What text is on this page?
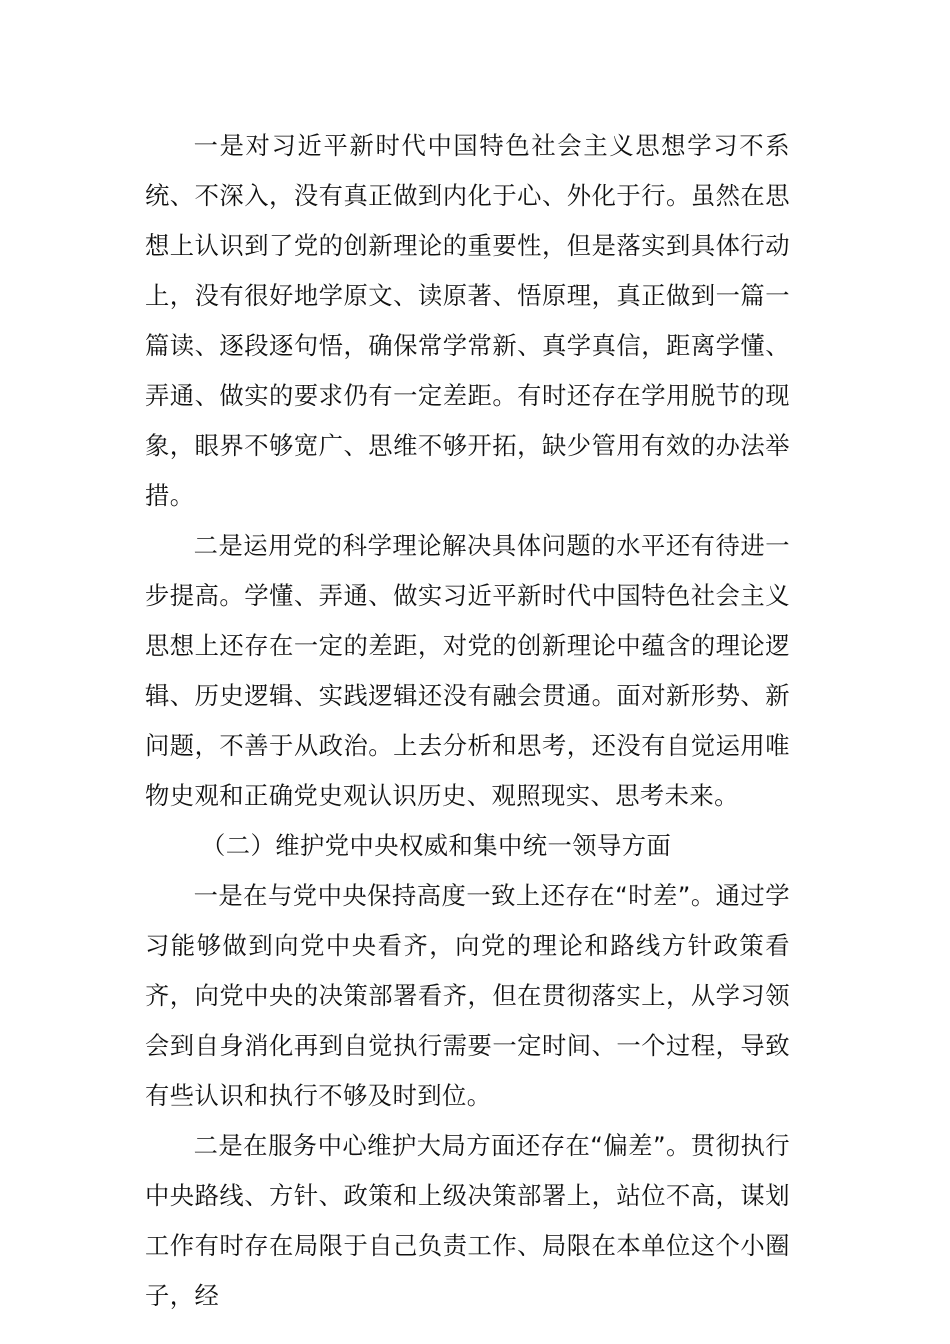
一是对习近平新时代中国特色社会主义思想学习不系统、不深入，没有真正做到内化于心、外化于行。虽然在思想上认识到了党的创新理论的重要性，但是落实到具体行动上，没有很好地学原文、读原著、悟原理，真正做到一篇一篇读、逐段逐句悟，确保常学常新、真学真信，距离学懂、弄通、做实的要求仍有一定差距。有时还存在学用脱节的现象，眼界不够宽广、思维不够开拓，缺少管用有效的办法举措。

二是运用党的科学理论解决具体问题的水平还有待进一步提高。学懂、弄通、做实习近平新时代中国特色社会主义思想上还存在一定的差距，对党的创新理论中蕴含的理论逻辑、历史逻辑、实践逻辑还没有融会贯通。面对新形势、新问题，不善于从政治。上去分析和思考，还没有自觉运用唯物史观和正确党史观认识历史、观照现实、思考未来。

（二）维护党中央权威和集中统一领导方面

一是在与党中央保持高度一致上还存在“时差”。通过学习能够做到向党中央看齐，向党的理论和路线方针政策看齐，向党中央的决策部署看齐，但在贯彻落实上，从学习领会到自身消化再到自觉执行需要一定时间、一个过程，导致有些认识和执行不够及时到位。

二是在服务中心维护大局方面还存在“偏差”。贯彻执行中央路线、方针、政策和上级决策部署上，站位不高，谋划工作有时存在局限于自己负责工作、局限在本单位这个小圈子，经
